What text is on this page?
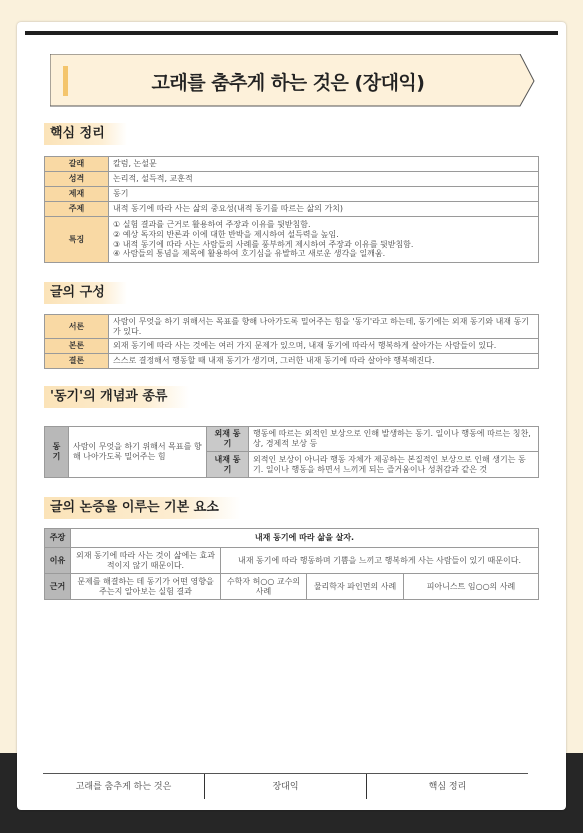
고래를 춤추게 하는 것은 (장대익)
핵심 정리
갈래	칼럼, 논설문
성격	논리적, 설득적, 교훈적
제재	동기
주제	내적 동기에 따라 사는 삶의 중요성(내적 동기를 따르는 삶의 가치)
특징	① 실험 결과를 근거로 활용하여 주장과 이유를 뒷받침함.
② 예상 독자의 반론과 이에 대한 반박을 제시하여 설득력을 높임.
③ 내적 동기에 따라 사는 사람들의 사례를 풍부하게 제시하여 주장과 이유를 뒷받침함.
④ 사람들의 통념을 제목에 활용하여 호기심을 유발하고 새로운 생각을 일깨움.
글의 구성
서론	사람이 무엇을 하기 위해서는 목표를 향해 나아가도록 밀어주는 힘을 '동기'라고 하는데, 동기에는 외재 동기와 내재 동기가 있다.
본론	외재 동기에 따라 사는 것에는 여러 가지 문제가 있으며, 내재 동기에 따라서 행복하게 살아가는 사람들이 있다.
결론	스스로 결정해서 행동할 때 내재 동기가 생기며, 그러한 내재 동기에 따라 살아야 행복해진다.
'동기'의 개념과 종류
동기	사람이 무엇을 하기 위해서 목표를 향해 나아가도록 밀어주는 힘	외재 동기	행동에 따르는 외적인 보상으로 인해 발생하는 동기. 일이나 행동에 따르는 칭찬, 상, 경제적 보상 등
		내재 동기	외적인 보상이 아니라 행동 자체가 제공하는 본질적인 보상으로 인해 생기는 동기. 일이나 행동을 하면서 느끼게 되는 즐거움이나 성취감과 같은 것
글의 논증을 이루는 기본 요소
주장	내재 동기에 따라 삶을 살자.			
이유	외재 동기에 따라 사는 것이 삶에는 효과적이지 않기 때문이다.	내재 동기에 따라 행동하며 기쁨을 느끼고 행복하게 사는 사람들이 있기 때문이다.		
근거	문제를 해결하는 데 동기가 어떤 영향을 주는지 알아보는 실험 결과	수학자 허○○ 교수의 사례	물리학자 파인먼의 사례	피아니스트 임○○의 사례
고래를 춤추게 하는 것은	장대익	핵심 정리
